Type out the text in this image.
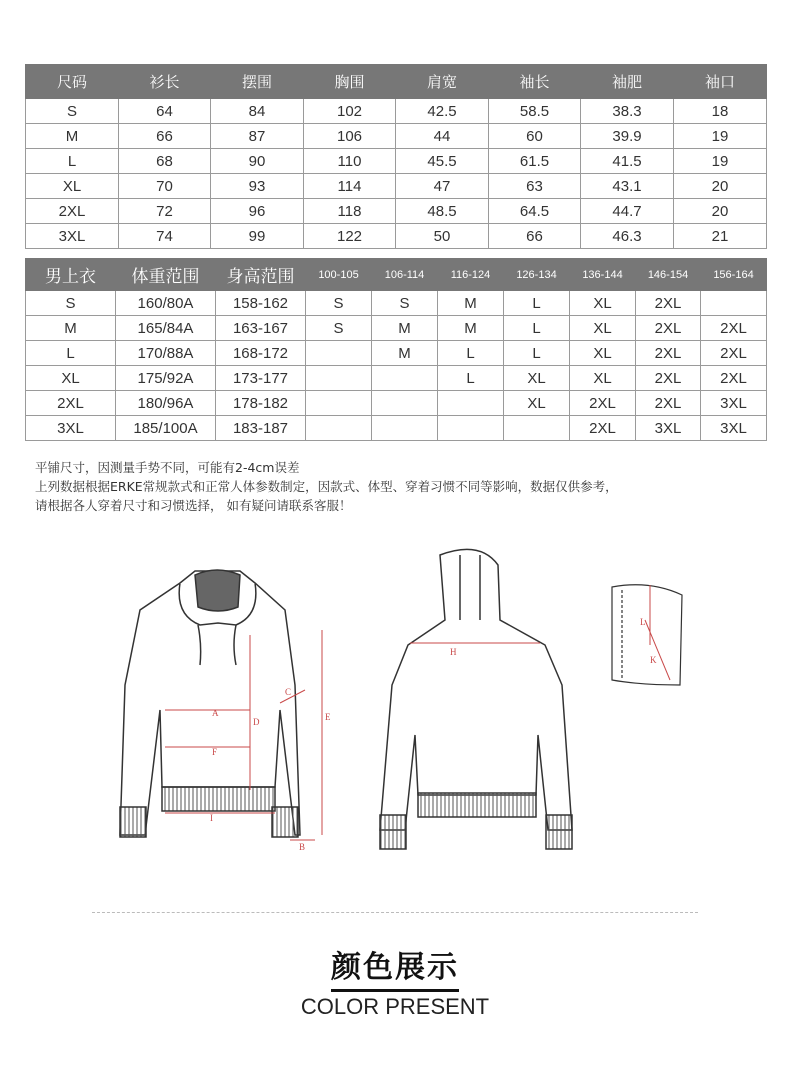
尺码	衫长	摆围	胸围	肩宽	袖长	袖肥	袖口
S	64	84	102	42.5	58.5	38.3	18
M	66	87	106	44	60	39.9	19
L	68	90	110	45.5	61.5	41.5	19
XL	70	93	114	47	63	43.1	20
2XL	72	96	118	48.5	64.5	44.7	20
3XL	74	99	122	50	66	46.3	21
男上衣	体重范围	身高范围	100-105	106-114	116-124	126-134	136-144	146-154	156-164
S	160/80A	158-162	S	S	M	L	XL	2XL	
M	165/84A	163-167	S	M	M	L	XL	2XL	2XL
L	170/88A	168-172		M	L	L	XL	2XL	2XL
XL	175/92A	173-177			L	XL	XL	2XL	2XL
2XL	180/96A	178-182				XL	2XL	2XL	3XL
3XL	185/100A	183-187					2XL	3XL	3XL
平铺尺寸，因测量手势不同，可能有2-4cm误差
上列数据根据ERKE常规款式和正常人体参数制定，因款式、体型、穿着习惯不同等影响，数据仅供参考，
请根据各人穿着尺寸和习惯选择， 如有疑问请联系客服！
A
D
F
E
I
B
C
H
L
K
颜色展示
COLOR PRESENT
